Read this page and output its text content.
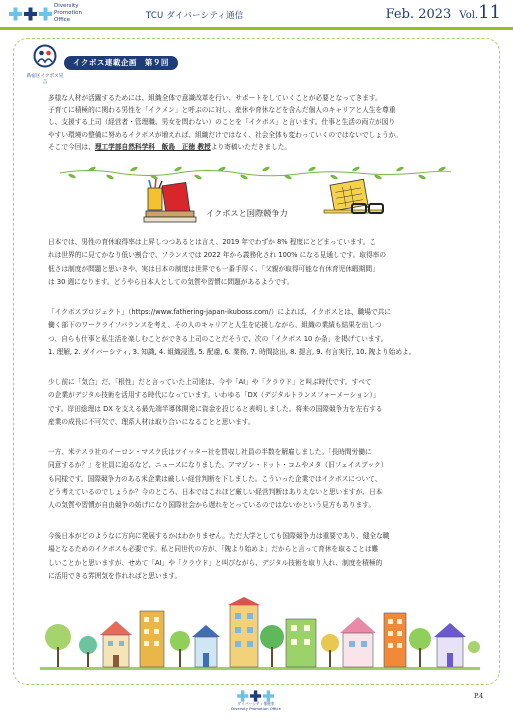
Diversity
Promotion
Office	TCU ダイバーシティ通信	Feb. 2023 Vol.11
新宿区イクボス宣言
イクボス連載企画　第９回
多様な人材が活躍するためには、組織全体で意識改革を行い、サポートをしていくことが必要となってきます。
子育てに積極的に関わる男性を「イクメン」と呼ぶのに対し、産休や育休などを含んだ個人のキャリアと人生を尊重
し、支援する上司（経営者・管理職、男女を問わない）のことを「イクボス」と言います。仕事と生活の両立が図り
やすい環境の整備に努めるイクボスが増えれば、組織だけではなく、社会全体も変わっていくのではないでしょうか。
そこで今回は、理工学部自然科学科　飯島　正徳 教授より寄稿いただきました。
イクボスと国際競争力
日本では、男性の育休取得率は上昇しつつあるとは言え、2019 年でわずか 8% 程度にとどまっています。こ
れは世界的に見てかなり低い割合で、フランスでは 2022 年から義務化され 100% になる見通しです。取得率の
低さは制度が問題と思いきや、実は日本の制度は世界でも一番手厚く、「父親が取得可能な有休育児休暇期間」
は 30 週になります。どうやら日本人としての気質や習慣に問題があるようです。
「イクボスプロジェクト」（https://www.fathering-japan-ikuboss.com/）によれば、イクボスとは、職場で共に
働く部下のワークライフバランスを考え、その人のキャリアと人生を応援しながら、組織の業績も結果を出しつ
つ、自らも仕事と私生活を楽しむことができる上司のことだそうで、次の「イクボス 10 か条」を掲げています。
1. 理解, 2. ダイバーシティ, 3. 知識, 4. 組織浸透, 5. 配慮, 6. 業務, 7. 時間捻出, 8. 提言, 9. 有言実行, 10. 隗より始めよ。
少し前に「気合」だ、「根性」だと言っていた上司達は、今や「AI」や「クラウド」と叫ぶ時代です。すべて
の企業がデジタル技術を活用する時代になっています。いわゆる「DX（デジタルトランスフォーメーション）」
です。岸田総理は DX を支える最先端半導体開発に資金を投じると表明しました。将来の国際競争力を左右する
産業の成長に不可欠で、理系人材は取り合いになることと思います。
一方、米テスラ社のイーロン・マスク氏はツイッター社を買収し社員の半数を解雇しました。「長時間労働に
同意するか？」を社員に迫るなど、ニュースになりました。アマゾン・ドット・コムやメタ（旧フェイスブック）
も同様です。国際競争力のある米企業は厳しい経営判断を下しました。こういった企業ではイクボスについて、
どう考えているのでしょうか？今のところ、日本ではこれほど厳しい経営判断はありえないと思いますが、日本
人の気質や習慣が自由競争の妨げになり国際社会から遅れをとっているのではないかという見方もあります。
今後日本がどのようなに方向に発展するかはわかりません。ただ大学としても国際競争力は重要であり、健全な職
場となるためのイクボスも必要です。私と同世代の方が、「隗より始めよ」だからと言って育休を取ることは難
しいことかと思いますが、せめて「AI」や「クラウド」と叫びながら、デジタル技術を取り入れ、制度を積極的
に活用できる雰囲気を作れればと思います。
ダイバーシティ推進室
Diversity Promotion Office
P.4
